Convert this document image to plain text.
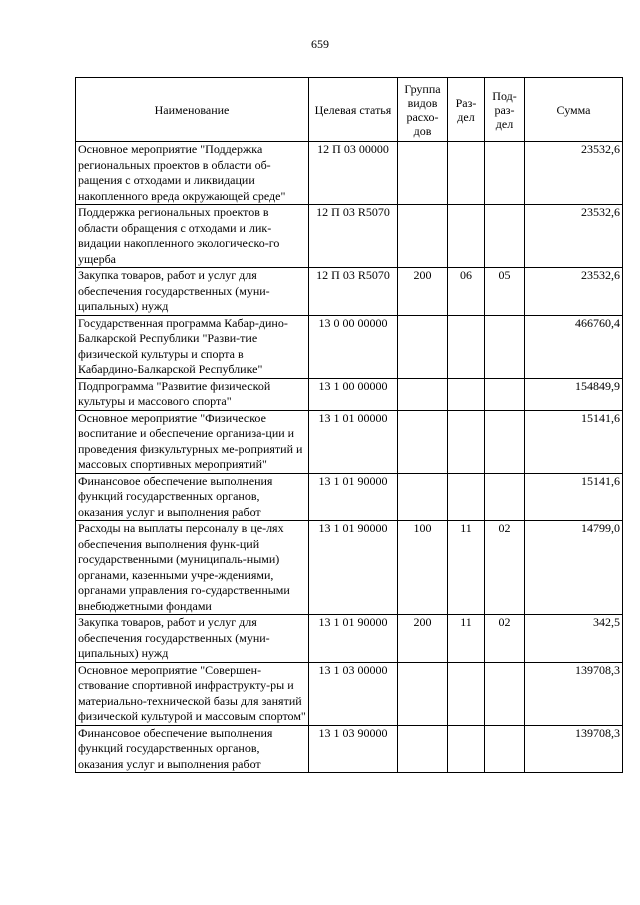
659
Наименование	Целевая статья	Группа видов расхо-дов	Раз-дел	Под-раз-дел	Сумма
Основное мероприятие "Поддержка региональных проектов в области об-ращения с отходами и ликвидации накопленного вреда окружающей среде"	12 П 03 00000				23532,6
Поддержка региональных проектов в области обращения с отходами и лик-видации накопленного экологическо-го ущерба	12 П 03 R5070				23532,6
Закупка товаров, работ и услуг для обеспечения государственных (муни-ципальных) нужд	12 П 03 R5070	200	06	05	23532,6
Государственная программа Кабар-дино-Балкарской Республики "Разви-тие физической культуры и спорта в Кабардино-Балкарской Республике"	13 0 00 00000				466760,4
Подпрограмма "Развитие физической культуры и массового спорта"	13 1 00 00000				154849,9
Основное мероприятие "Физическое воспитание и обеспечение организа-ции и проведения физкультурных ме-роприятий и массовых спортивных мероприятий"	13 1 01 00000				15141,6
Финансовое обеспечение выполнения функций государственных органов, оказания услуг и выполнения работ	13 1 01 90000				15141,6
Расходы на выплаты персоналу в це-лях обеспечения выполнения функ-ций государственными (муниципаль-ными) органами, казенными учре-ждениями, органами управления го-сударственными внебюджетными фондами	13 1 01 90000	100	11	02	14799,0
Закупка товаров, работ и услуг для обеспечения государственных (муни-ципальных) нужд	13 1 01 90000	200	11	02	342,5
Основное мероприятие "Совершен-ствование спортивной инфраструкту-ры и материально-технической базы для занятий физической культурой и массовым спортом"	13 1 03 00000				139708,3
Финансовое обеспечение выполнения функций государственных органов, оказания услуг и выполнения работ	13 1 03 90000				139708,3
